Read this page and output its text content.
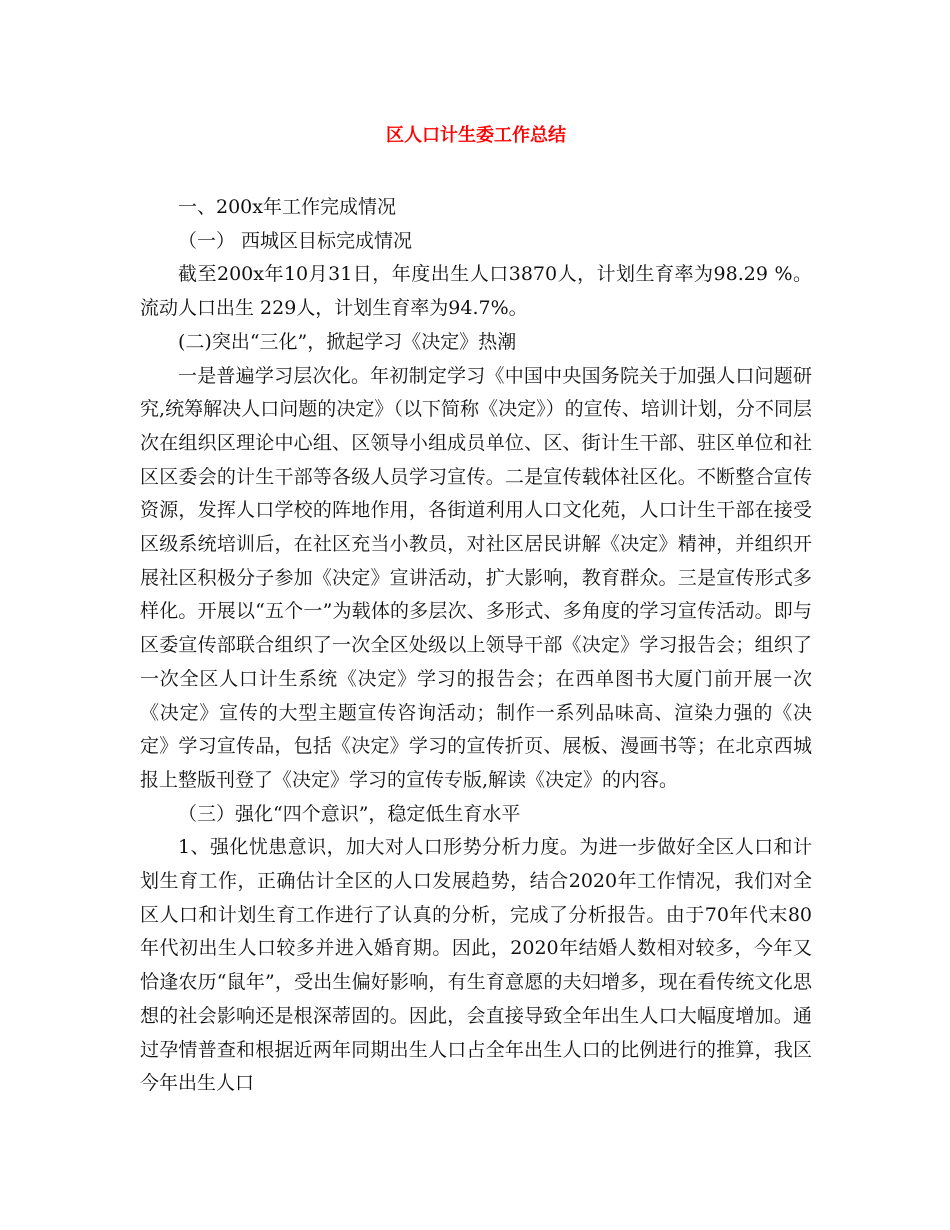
区人口计生委工作总结

一、200x年工作完成情况

（一） 西城区目标完成情况

截至200x年10月31日，年度出生人口3870人，计划生育率为98.29 %。流动人口出生 229人，计划生育率为94.7%。

(二)突出“三化”，掀起学习《决定》热潮

一是普遍学习层次化。年初制定学习《中国中央国务院关于加强人口问题研究,统筹解决人口问题的决定》（以下简称《决定》）的宣传、培训计划，分不同层次在组织区理论中心组、区领导小组成员单位、区、街计生干部、驻区单位和社区区委会的计生干部等各级人员学习宣传。二是宣传载体社区化。不断整合宣传资源，发挥人口学校的阵地作用，各街道利用人口文化苑，人口计生干部在接受区级系统培训后，在社区充当小教员，对社区居民讲解《决定》精神，并组织开展社区积极分子参加《决定》宣讲活动，扩大影响，教育群众。三是宣传形式多样化。开展以“五个一”为载体的多层次、多形式、多角度的学习宣传活动。即与区委宣传部联合组织了一次全区处级以上领导干部《决定》学习报告会；组织了一次全区人口计生系统《决定》学习的报告会；在西单图书大厦门前开展一次《决定》宣传的大型主题宣传咨询活动；制作一系列品味高、渲染力强的《决定》学习宣传品，包括《决定》学习的宣传折页、展板、漫画书等；在北京西城报上整版刊登了《决定》学习的宣传专版,解读《决定》的内容。

（三）强化“四个意识”，稳定低生育水平

1、强化忧患意识，加大对人口形势分析力度。为进一步做好全区人口和计划生育工作，正确估计全区的人口发展趋势，结合2020年工作情况，我们对全区人口和计划生育工作进行了认真的分析，完成了分析报告。由于70年代末80年代初出生人口较多并进入婚育期。因此，2020年结婚人数相对较多，今年又恰逢农历“鼠年”，受出生偏好影响，有生育意愿的夫妇增多，现在看传统文化思想的社会影响还是根深蒂固的。因此，会直接导致全年出生人口大幅度增加。通过孕情普查和根据近两年同期出生人口占全年出生人口的比例进行的推算，我区今年出生人口
